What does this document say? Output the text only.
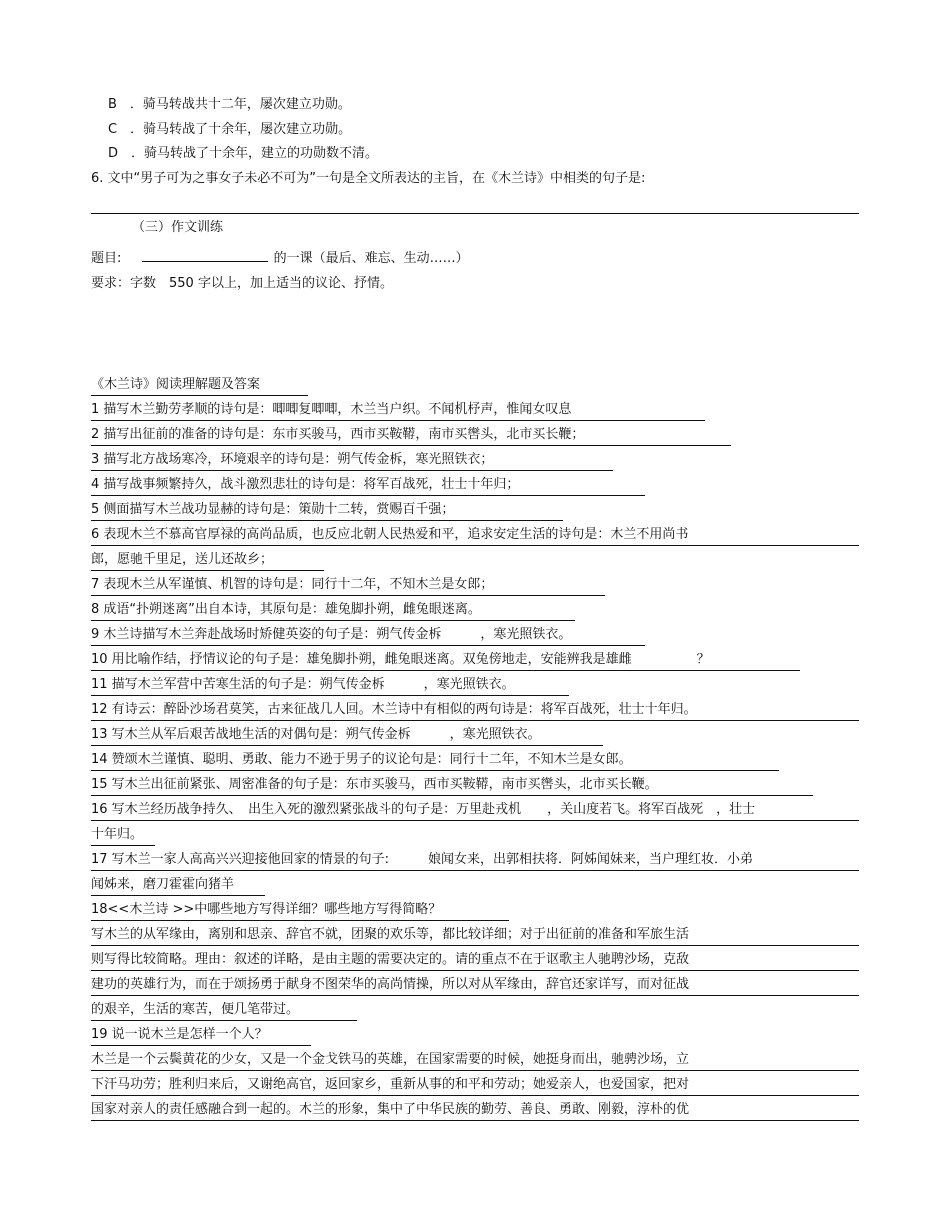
B　．骑马转战共十二年，屡次建立功勋。
C　．骑马转战了十余年，屡次建立功勋。
D　．骑马转战了十余年，建立的功勋数不清。
6. 文中“男子可为之事女子未必不可为”一句是全文所表达的主旨，在《木兰诗》中相类的句子是:
（三）作文训练
题目:	的一课（最后、难忘、生动……）
要求：字数　550 字以上，加上适当的议论、抒情。
《木兰诗》阅读理解题及答案
1 描写木兰勤劳孝顺的诗句是：唧唧复唧唧，木兰当户织。不闻机杼声，惟闻女叹息
2 描写出征前的准备的诗句是：东市买骏马，西市买鞍鞯，南市买辔头，北市买长鞭；
3 描写北方战场寒冷，环境艰辛的诗句是：朔气传金柝，寒光照铁衣；
4 描写战事频繁持久，战斗激烈悲壮的诗句是：将军百战死，壮士十年归；
5 侧面描写木兰战功显赫的诗句是：策勋十二转，赏赐百千强；
6 表现木兰不慕高官厚禄的高尚品质，也反应北朝人民热爱和平，追求安定生活的诗句是：木兰不用尚书
郎，愿驰千里足，送儿还故乡；
7 表现木兰从军谨慎、机智的诗句是：同行十二年，不知木兰是女郎；
8 成语“扑朔迷离”出自本诗，其原句是：雄兔脚扑朔，雌兔眼迷离。
9 木兰诗描写木兰奔赴战场时矫健英姿的句子是：朔气传金柝　　　，寒光照铁衣。
10 用比喻作结，抒情议论的句子是：雄兔脚扑朔，雌兔眼迷离。双兔傍地走，安能辨我是雄雌　　　　　？
11 描写木兰军营中苦寒生活的句子是：朔气传金柝　　　，寒光照铁衣。
12 有诗云：醉卧沙场君莫笑，古来征战几人回。木兰诗中有相似的两句诗是：将军百战死，壮士十年归。
13 写木兰从军后艰苦战地生活的对偶句是：朔气传金柝　　　，寒光照铁衣。
14 赞颂木兰谨慎、聪明、勇敢、能力不逊于男子的议论句是：同行十二年，不知木兰是女郎。
15 写木兰出征前紧张、周密准备的句子是：东市买骏马，西市买鞍鞯，南市买辔头，北市买长鞭。
16 写木兰经历战争持久、　出生入死的激烈紧张战斗的句子是：万里赴戎机　　，关山度若飞。将军百战死　，壮士
十年归。
17 写木兰一家人高高兴兴迎接他回家的情景的句子:　　　娘闻女来，出郭相扶将．阿姊闻妹来，当户理红妆．小弟
闻姊来，磨刀霍霍向猪羊
18<<木兰诗 >>中哪些地方写得详细？哪些地方写得简略？
写木兰的从军缘由，离别和思亲、辞官不就，团聚的欢乐等，都比较详细；对于出征前的准备和军旅生活
则写得比较简略。理由：叙述的详略，是由主题的需要决定的。请的重点不在于讴歌主人驰聘沙场，克敌
建功的英雄行为，而在于颂扬勇于献身不图荣华的高尚情操，所以对从军缘由，辞官还家详写，而对征战
的艰辛，生活的寒苦，便几笔带过。
19 说一说木兰是怎样一个人？
木兰是一个云鬓黄花的少女，又是一个金戈铁马的英雄，在国家需要的时候，她挺身而出，驰骋沙场，立
下汗马功劳；胜利归来后，又谢绝高官，返回家乡，重新从事的和平和劳动；她爱亲人，也爱国家，把对
国家对亲人的责任感融合到一起的。木兰的形象，集中了中华民族的勤劳、善良、勇敢、刚毅，淳朴的优
